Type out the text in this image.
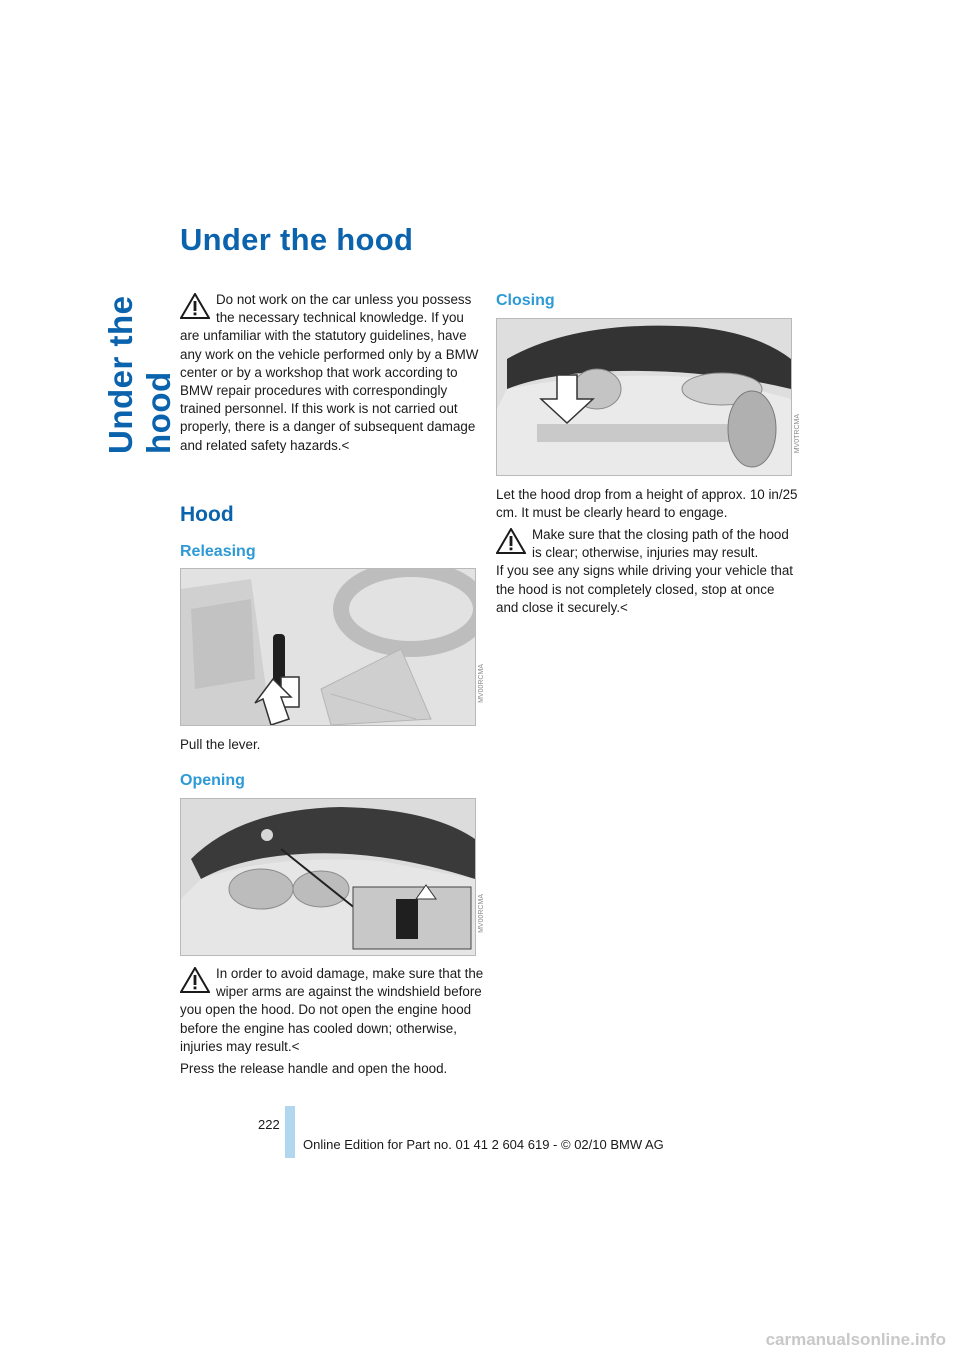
Under the hood
Under the hood
Do not work on the car unless you possess the necessary technical knowledge. If you are unfamiliar with the statutory guidelines, have any work on the vehicle performed only by a BMW center or by a workshop that work according to BMW repair procedures with correspondingly trained personnel. If this work is not carried out properly, there is a danger of subsequent damage and related safety hazards.<
Hood
Releasing
MV00RCMA

Pull the lever.

Opening
MV00RCMA
In order to avoid damage, make sure that the wiper arms are against the windshield before you open the hood. Do not open the engine hood before the engine has cooled down; otherwise, injuries may result.<

Press the release handle and open the hood.

Closing
MV0TRCMA

Let the hood drop from a height of approx. 10 in/25 cm. It must be clearly heard to engage.

Make sure that the closing path of the hood is clear; otherwise, injuries may result.
If you see any signs while driving your vehicle that the hood is not completely closed, stop at once and close it securely.<
222
Online Edition for Part no. 01 41 2 604 619 - © 02/10 BMW AG
carmanualsonline.info
